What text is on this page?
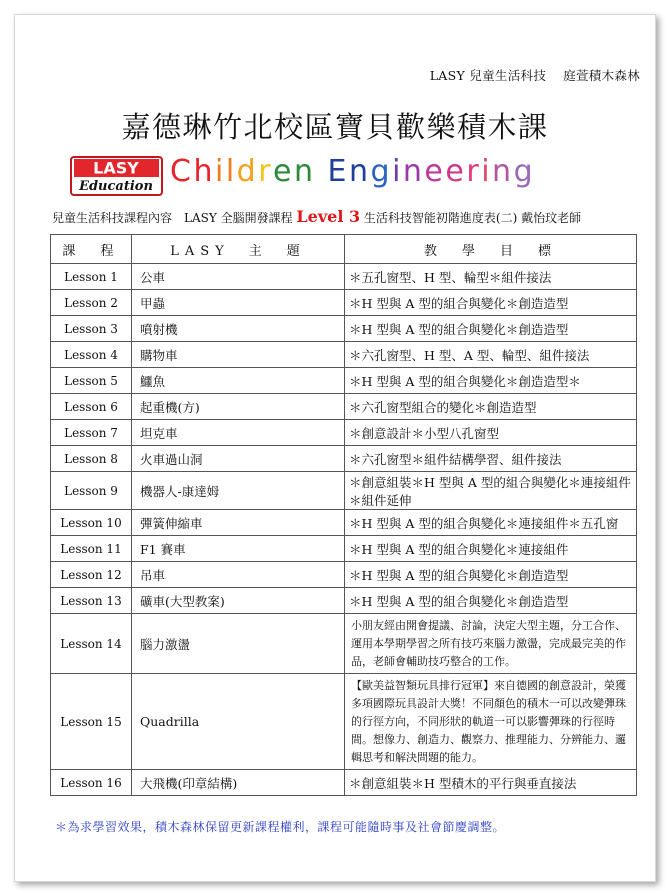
LASY 兒童生活科技　 庭萱積木森林
嘉德琳竹北校區寶貝歡樂積木課
LASY
Education Children Engineering
兒童生活科技課程內容　LASY 全腦開發課程 Level 3 生活科技智能初階進度表(二) 戴怡玟老師
課　程	LASY　主　題	教　學　目　標
Lesson 1	公車	＊五孔窗型、H 型、輪型＊組件接法
Lesson 2	甲蟲	＊H 型與 A 型的組合與變化＊創造造型
Lesson 3	噴射機	＊H 型與 A 型的組合與變化＊創造造型
Lesson 4	購物車	＊六孔窗型、H 型、A 型、輪型、組件接法
Lesson 5	鱷魚	＊H 型與 A 型的組合與變化＊創造造型＊
Lesson 6	起重機(方)	＊六孔窗型組合的變化＊創造造型
Lesson 7	坦克車	＊創意設計＊小型八孔窗型
Lesson 8	火車過山洞	＊六孔窗型＊組件結構學習、組件接法
Lesson 9	機器人-康達姆	＊創意組裝＊H 型與 A 型的組合與變化＊連接組件＊組件延伸
Lesson 10	彈簧伸縮車	＊H 型與 A 型的組合與變化＊連接組件＊五孔窗
Lesson 11	F1 賽車	＊H 型與 A 型的組合與變化＊連接組件
Lesson 12	吊車	＊H 型與 A 型的組合與變化＊創造造型
Lesson 13	礦車(大型教案)	＊H 型與 A 型的組合與變化＊創造造型
Lesson 14	腦力激盪	小朋友經由開會提議、討論，決定大型主題，分工合作、運用本學期學習之所有技巧來腦力激盪，完成最完美的作品，老師會輔助技巧整合的工作。
Lesson 15	Quadrilla	【歐美益智類玩具排行冠軍】來自德國的創意設計，榮獲多項國際玩具設計大獎！不同顏色的積木一可以改變彈珠的行徑方向，不同形狀的軌道一可以影響彈珠的行徑時　間。想像力、創造力、觀察力、推理能力、分辨能力、邏輯思考和解決問題的能力。
Lesson 16	大飛機(印章結構)	＊創意組裝＊H 型積木的平行與垂直接法
＊為求學習效果，積木森林保留更新課程權利，課程可能隨時事及社會節慶調整。
